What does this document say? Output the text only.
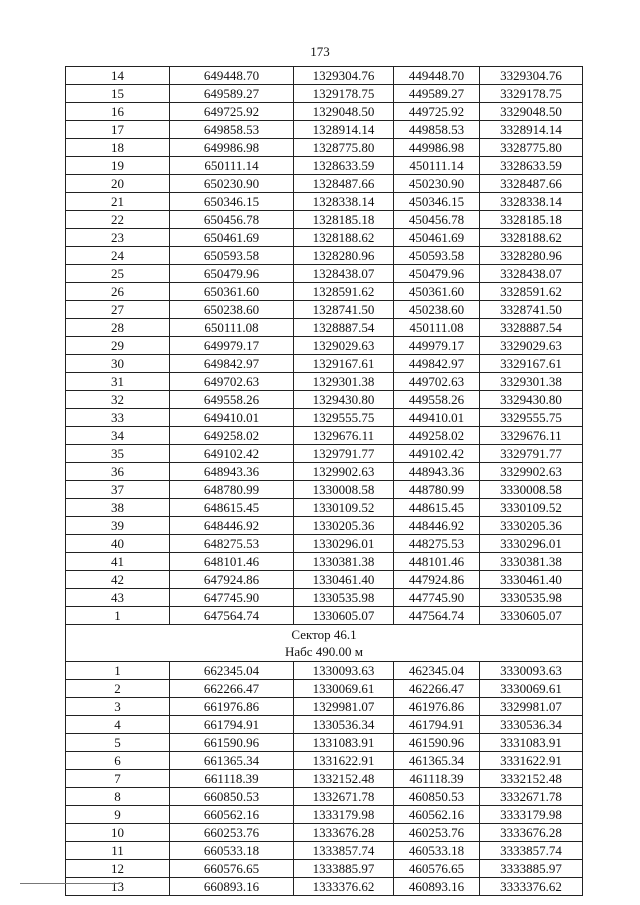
173
14	649448.70	1329304.76	449448.70	3329304.76
15	649589.27	1329178.75	449589.27	3329178.75
16	649725.92	1329048.50	449725.92	3329048.50
17	649858.53	1328914.14	449858.53	3328914.14
18	649986.98	1328775.80	449986.98	3328775.80
19	650111.14	1328633.59	450111.14	3328633.59
20	650230.90	1328487.66	450230.90	3328487.66
21	650346.15	1328338.14	450346.15	3328338.14
22	650456.78	1328185.18	450456.78	3328185.18
23	650461.69	1328188.62	450461.69	3328188.62
24	650593.58	1328280.96	450593.58	3328280.96
25	650479.96	1328438.07	450479.96	3328438.07
26	650361.60	1328591.62	450361.60	3328591.62
27	650238.60	1328741.50	450238.60	3328741.50
28	650111.08	1328887.54	450111.08	3328887.54
29	649979.17	1329029.63	449979.17	3329029.63
30	649842.97	1329167.61	449842.97	3329167.61
31	649702.63	1329301.38	449702.63	3329301.38
32	649558.26	1329430.80	449558.26	3329430.80
33	649410.01	1329555.75	449410.01	3329555.75
34	649258.02	1329676.11	449258.02	3329676.11
35	649102.42	1329791.77	449102.42	3329791.77
36	648943.36	1329902.63	448943.36	3329902.63
37	648780.99	1330008.58	448780.99	3330008.58
38	648615.45	1330109.52	448615.45	3330109.52
39	648446.92	1330205.36	448446.92	3330205.36
40	648275.53	1330296.01	448275.53	3330296.01
41	648101.46	1330381.38	448101.46	3330381.38
42	647924.86	1330461.40	447924.86	3330461.40
43	647745.90	1330535.98	447745.90	3330535.98
1	647564.74	1330605.07	447564.74	3330605.07

Сектор 46.1
Набс 490.00 м				

1	662345.04	1330093.63	462345.04	3330093.63
2	662266.47	1330069.61	462266.47	3330069.61
3	661976.86	1329981.07	461976.86	3329981.07
4	661794.91	1330536.34	461794.91	3330536.34
5	661590.96	1331083.91	461590.96	3331083.91
6	661365.34	1331622.91	461365.34	3331622.91
7	661118.39	1332152.48	461118.39	3332152.48
8	660850.53	1332671.78	460850.53	3332671.78
9	660562.16	1333179.98	460562.16	3333179.98
10	660253.76	1333676.28	460253.76	3333676.28
11	660533.18	1333857.74	460533.18	3333857.74
12	660576.65	1333885.97	460576.65	3333885.97
13	660893.16	1333376.62	460893.16	3333376.62
